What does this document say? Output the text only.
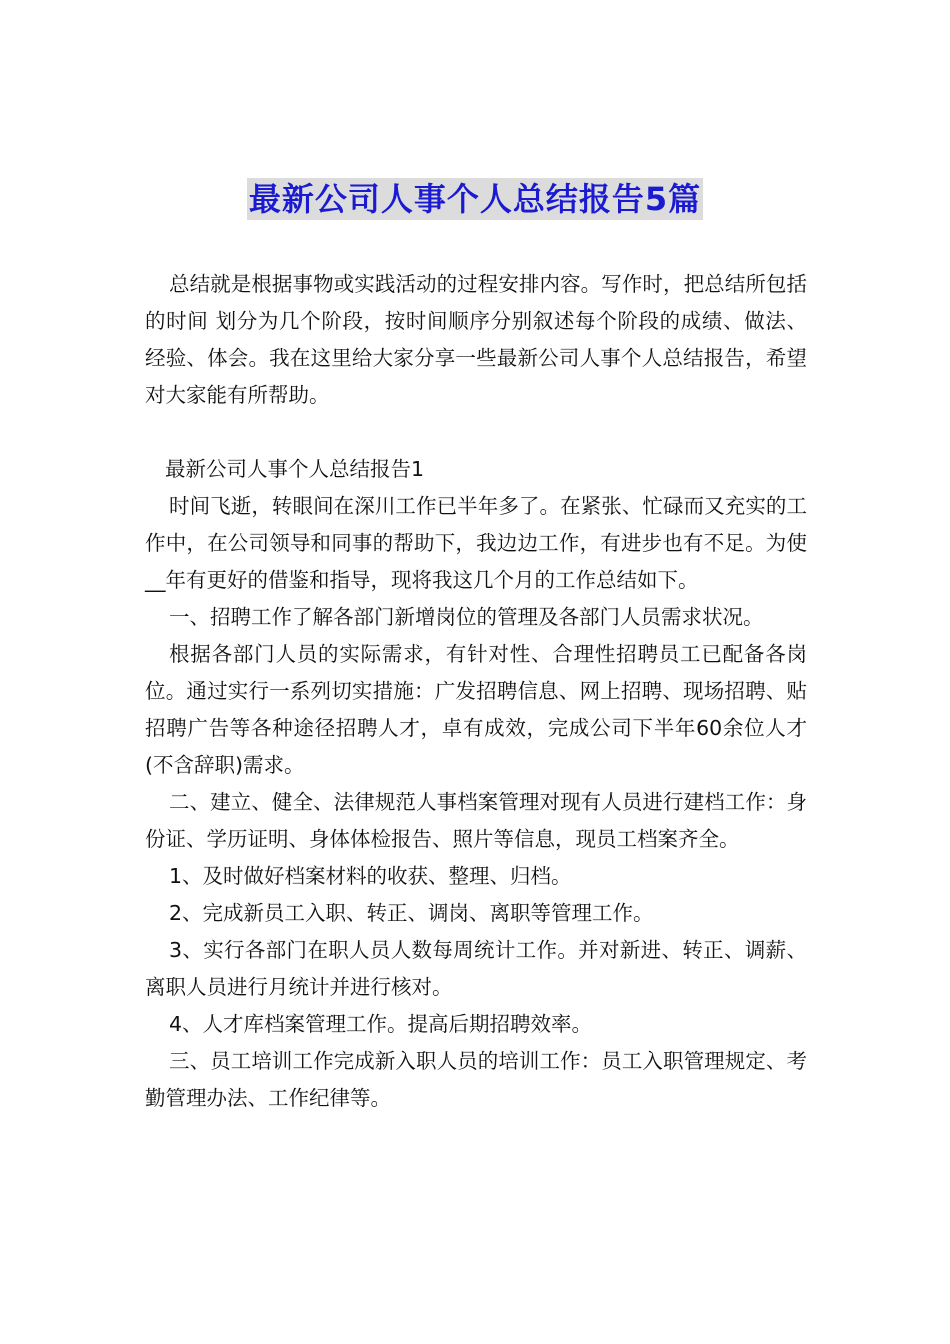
最新公司人事个人总结报告5篇

总结就是根据事物或实践活动的过程安排内容。写作时，把总结所包括的时间 划分为几个阶段，按时间顺序分别叙述每个阶段的成绩、做法、经验、体会。我在这里给大家分享一些最新公司人事个人总结报告，希望对大家能有所帮助。

最新公司人事个人总结报告1

时间飞逝，转眼间在深川工作已半年多了。在紧张、忙碌而又充实的工作中，在公司领导和同事的帮助下，我边边工作，有进步也有不足。为使__年有更好的借鉴和指导，现将我这几个月的工作总结如下。

一、招聘工作了解各部门新增岗位的管理及各部门人员需求状况。

根据各部门人员的实际需求，有针对性、合理性招聘员工已配备各岗位。通过实行一系列切实措施：广发招聘信息、网上招聘、现场招聘、贴招聘广告等各种途径招聘人才，卓有成效，完成公司下半年60余位人才(不含辞职)需求。

二、建立、健全、法律规范人事档案管理对现有人员进行建档工作：身份证、学历证明、身体体检报告、照片等信息，现员工档案齐全。

1、及时做好档案材料的收获、整理、归档。

2、完成新员工入职、转正、调岗、离职等管理工作。

3、实行各部门在职人员人数每周统计工作。并对新进、转正、调薪、离职人员进行月统计并进行核对。

4、人才库档案管理工作。提高后期招聘效率。

三、员工培训工作完成新入职人员的培训工作：员工入职管理规定、考勤管理办法、工作纪律等。
